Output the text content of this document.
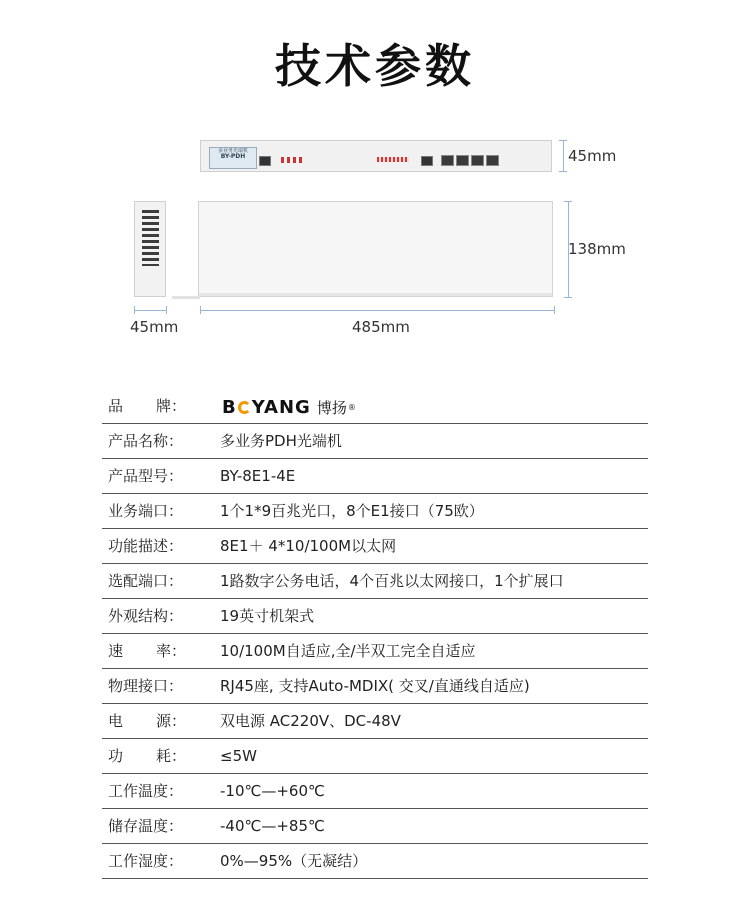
技术参数
多业务光端机
BY-PDH	45mm
138mm
45mm	485mm
品 牌： B YANG 博扬 ®
产品名称：	多业务PDH光端机
产品型号：	BY-8E1-4E
业务端口：	1个1*9百兆光口，8个E1接口（75欧）
功能描述：	8E1＋ 4*10/100M以太网
选配端口：	1路数字公务电话，4个百兆以太网接口，1个扩展口
外观结构：	19英寸机架式
速 率： 10/100M自适应,全/半双工完全自适应
物理接口：	RJ45座, 支持Auto-MDIX( 交叉/直通线自适应)
电 源： 双电源 AC220V、DC-48V
功 耗： ≤5W
工作温度：	-10℃—+60℃
储存温度：	-40℃—+85℃
工作湿度：	0%—95%（无凝结）
